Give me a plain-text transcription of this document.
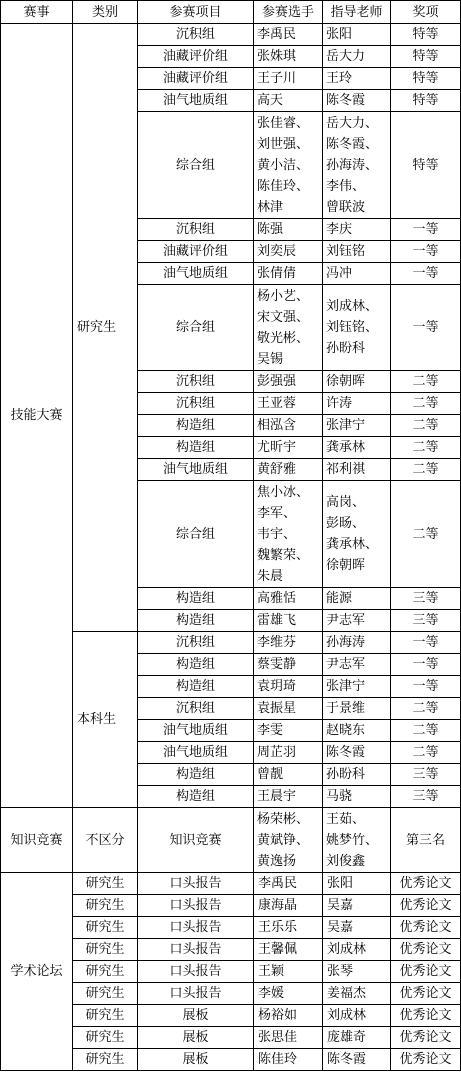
赛事	类别	参赛项目	参赛选手	指导老师	奖项
技能大赛	研究生	沉积组	李禹民	张阳	特等
		油藏评价组	张姝琪	岳大力	特等
		油藏评价组	王子川	王玲	特等
		油气地质组	高天	陈冬霞	特等
		综合组	张佳睿、
刘世强、
黄小洁、
陈佳玲、
林津	岳大力、
陈冬霞、
孙海涛、
李伟、
曾联波	特等
		沉积组	陈强	李庆	一等
		油藏评价组	刘奕辰	刘钰铭	一等
		油气地质组	张倩倩	冯冲	一等
		综合组	杨小艺、
宋文强、
敬光彬、
吴锡	刘成林、
刘钰铭、
孙盼科	一等
		沉积组	彭强强	徐朝晖	二等
		沉积组	王亚蓉	许涛	二等
		构造组	相泓含	张津宁	二等
		构造组	尤昕宇	龚承林	二等
		油气地质组	黄舒雅	祁利祺	二等
		综合组	焦小冰、
李军、
韦宇、
魏繁荣、
朱晨	高岗、
彭旸、
龚承林、
徐朝晖	二等
		构造组	高雅恬	能源	三等
		构造组	雷雄飞	尹志军	三等
	本科生	沉积组	李维芬	孙海涛	一等
		构造组	蔡雯静	尹志军	一等
		构造组	袁玥琦	张津宁	一等
		沉积组	袁振星	于景维	二等
		油气地质组	李雯	赵晓东	二等
		油气地质组	周芷羽	陈冬霞	二等
		构造组	曾靓	孙盼科	三等
		构造组	王晨宇	马骁	三等
知识竞赛	不区分	知识竞赛	杨荣彬、
黄斌铮、
黄逸扬	王茹、
姚梦竹、
刘俊鑫	第三名
学术论坛	研究生	口头报告	李禹民	张阳	优秀论文
	研究生	口头报告	康海晶	吴嘉	优秀论文
	研究生	口头报告	王乐乐	吴嘉	优秀论文
	研究生	口头报告	王馨佩	刘成林	优秀论文
	研究生	口头报告	王颖	张琴	优秀论文
	研究生	口头报告	李媛	姜福杰	优秀论文
	研究生	展板	杨裕如	刘成林	优秀论文
	研究生	展板	张思佳	庞雄奇	优秀论文
	研究生	展板	陈佳玲	陈冬霞	优秀论文
